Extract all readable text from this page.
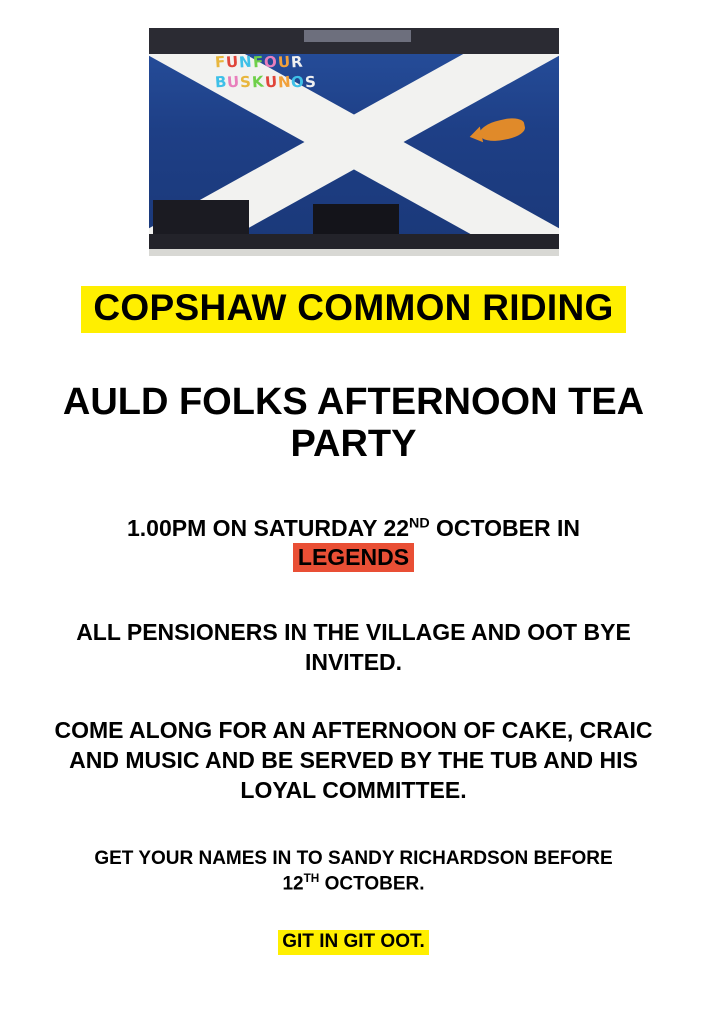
FUNFOUR
BUSKUNOS
COPSHAW COMMON RIDING
AULD FOLKS AFTERNOON TEA PARTY
1.00PM ON SATURDAY 22ND OCTOBER IN
LEGENDS
ALL PENSIONERS IN THE VILLAGE AND OOT BYE INVITED.
COME ALONG FOR AN AFTERNOON OF CAKE, CRAIC AND MUSIC AND BE SERVED BY THE TUB AND HIS LOYAL COMMITTEE.
GET YOUR NAMES IN TO SANDY RICHARDSON BEFORE
12TH OCTOBER.
GIT IN GIT OOT.
